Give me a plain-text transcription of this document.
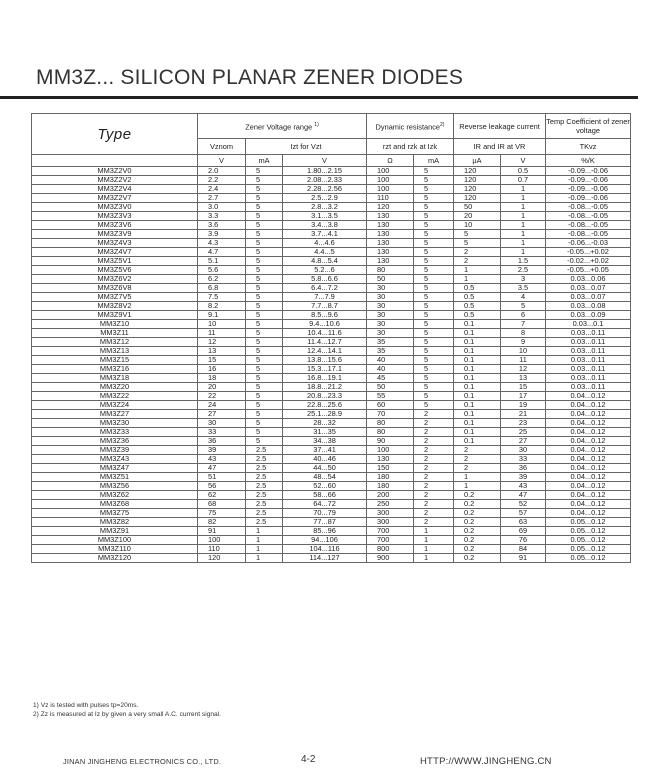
MM3Z... SILICON PLANAR ZENER DIODES
Type	Zener Voltage range $^{1)}$			Dynamic resistance$^{2)}$		Reverse leakage current		Temp Coefficient of zener voltage
	Vznom	Izt for Vzt		rzt and rzk at Izk		IR and IR at VR		TKvz
	V	mA	V	Ω	mA	μA	V	%/K
MM3Z2V0	2.0	5	1.80...2.15	100	5	120	0.5	-0.09...-0.06
MM3Z2V2	2.2	5	2.08...2.33	100	5	120	0.7	-0.09...-0.06
MM3Z2V4	2.4	5	2.28...2.56	100	5	120	1	-0.09...-0.06
MM3Z2V7	2.7	5	2.5...2.9	110	5	120	1	-0.09...-0.06
MM3Z3V0	3.0	5	2.8...3.2	120	5	50	1	-0.08...-0.05
MM3Z3V3	3.3	5	3.1...3.5	130	5	20	1	-0.08...-0.05
MM3Z3V6	3.6	5	3.4...3.8	130	5	10	1	-0.08...-0.05
MM3Z3V9	3.9	5	3.7...4.1	130	5	5	1	-0.08...-0.05
MM3Z4V3	4.3	5	4...4.6	130	5	5	1	-0.06...-0.03
MM3Z4V7	4.7	5	4.4...5	130	5	2	1	-0.05...+0.02
MM3Z5V1	5.1	5	4.8...5.4	130	5	2	1.5	-0.02...+0.02
MM3Z5V6	5.6	5	5.2...6	80	5	1	2.5	-0.05...+0.05
MM3Z6V2	6.2	5	5.8...6.6	50	5	1	3	0.03...0.06
MM3Z6V8	6.8	5	6.4...7.2	30	5	0.5	3.5	0.03...0.07
MM3Z7V5	7.5	5	7...7.9	30	5	0.5	4	0.03...0.07
MM3Z8V2	8.2	5	7.7...8.7	30	5	0.5	5	0.03...0.08
MM3Z9V1	9.1	5	8.5...9.6	30	5	0.5	6	0.03...0.09
MM3Z10	10	5	9.4...10.6	30	5	0.1	7	0.03...0.1
MM3Z11	11	5	10.4...11.6	30	5	0.1	8	0.03...0.11
MM3Z12	12	5	11.4...12.7	35	5	0.1	9	0.03...0.11
MM3Z13	13	5	12.4...14.1	35	5	0.1	10	0.03...0.11
MM3Z15	15	5	13.8...15.6	40	5	0.1	11	0.03...0.11
MM3Z16	16	5	15.3...17.1	40	5	0.1	12	0.03...0.11
MM3Z18	18	5	16.8...19.1	45	5	0.1	13	0.03...0.11
MM3Z20	20	5	18.8...21.2	50	5	0.1	15	0.03...0.11
MM3Z22	22	5	20.8...23.3	55	5	0.1	17	0.04...0.12
MM3Z24	24	5	22.8...25.6	60	5	0.1	19	0.04...0.12
MM3Z27	27	5	25.1...28.9	70	2	0.1	21	0.04...0.12
MM3Z30	30	5	28...32	80	2	0.1	23	0.04...0.12
MM3Z33	33	5	31...35	80	2	0.1	25	0.04...0.12
MM3Z36	36	5	34...38	90	2	0.1	27	0.04...0.12
MM3Z39	39	2.5	37...41	100	2	2	30	0.04...0.12
MM3Z43	43	2.5	40...46	130	2	2	33	0.04...0.12
MM3Z47	47	2.5	44...50	150	2	2	36	0.04...0.12
MM3Z51	51	2.5	48...54	180	2	1	39	0.04...0.12
MM3Z56	56	2.5	52...60	180	2	1	43	0.04...0.12
MM3Z62	62	2.5	58...66	200	2	0.2	47	0.04...0.12
MM3Z68	68	2.5	64...72	250	2	0.2	52	0.04...0.12
MM3Z75	75	2.5	70...79	300	2	0.2	57	0.04...0.12
MM3Z82	82	2.5	77...87	300	2	0.2	63	0.05...0.12
MM3Z91	91	1	85...96	700	1	0.2	69	0.05...0.12
MM3Z100	100	1	94...106	700	1	0.2	76	0.05...0.12
MM3Z110	110	1	104...116	800	1	0.2	84	0.05...0.12
MM3Z120	120	1	114...127	900	1	0.2	91	0.05...0.12
1) Vz is tested with pulses tp=20ms.
2) Zz is measured at Iz by given a very small A.C. current signal.
JINAN JINGHENG ELECTRONICS CO., LTD.	4-2	HTTP://WWW.JINGHENG.CN
